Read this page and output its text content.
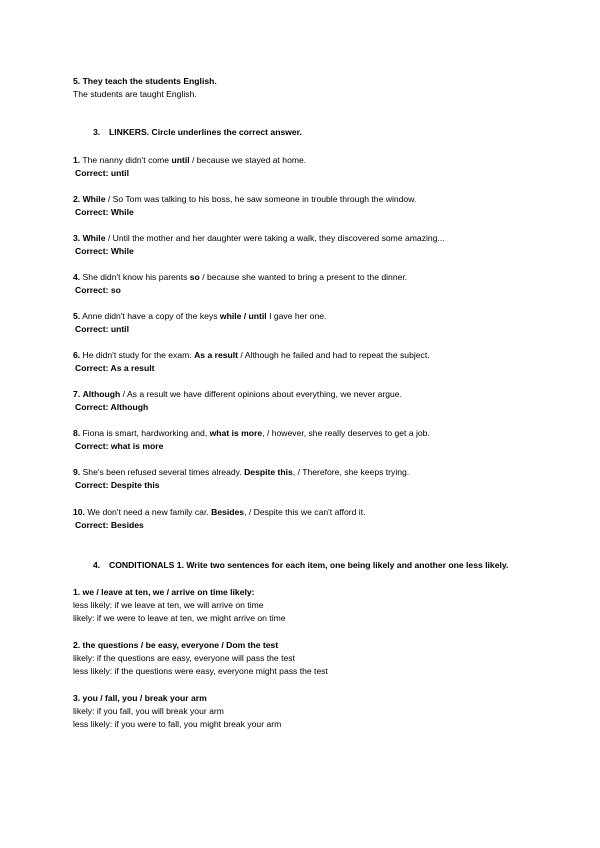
5. They teach the students English.
The students are taught English.
3. LINKERS. Circle underlines the correct answer.
1. The nanny didn't come until / because we stayed at home.
Correct: until
2. While / So Tom was talking to his boss, he saw someone in trouble through the window.
Correct: While
3. While / Until the mother and her daughter were taking a walk, they discovered some amazing...
Correct: While
4. She didn't know his parents so / because she wanted to bring a present to the dinner.
Correct: so
5. Anne didn't have a copy of the keys while / until I gave her one.
Correct: until
6. He didn't study for the exam. As a result / Although he failed and had to repeat the subject.
Correct: As a result
7. Although / As a result we have different opinions about everything, we never argue.
Correct: Although
8. Fiona is smart, hardworking and, what is more, / however, she really deserves to get a job.
Correct: what is more
9. She's been refused several times already. Despite this, / Therefore, she keeps trying.
Correct: Despite this
10. We don't need a new family car. Besides, / Despite this we can't afford it.
Correct: Besides
4.	CONDITIONALS 1. Write two sentences for each item, one being likely and another one less likely.
1. we / leave at ten, we / arrive on time likely:
less likely: if we leave at ten, we will arrive on time
likely: if we were to leave at ten, we might arrive on time
2. the questions / be easy, everyone / Dom the test
likely: if the questions are easy, everyone will pass the test
less likely: if the questions were easy, everyone might pass the test
3. you / fall, you / break your arm
likely: if you fall, you will break your arm
less likely: if you were to fall, you might break your arm
